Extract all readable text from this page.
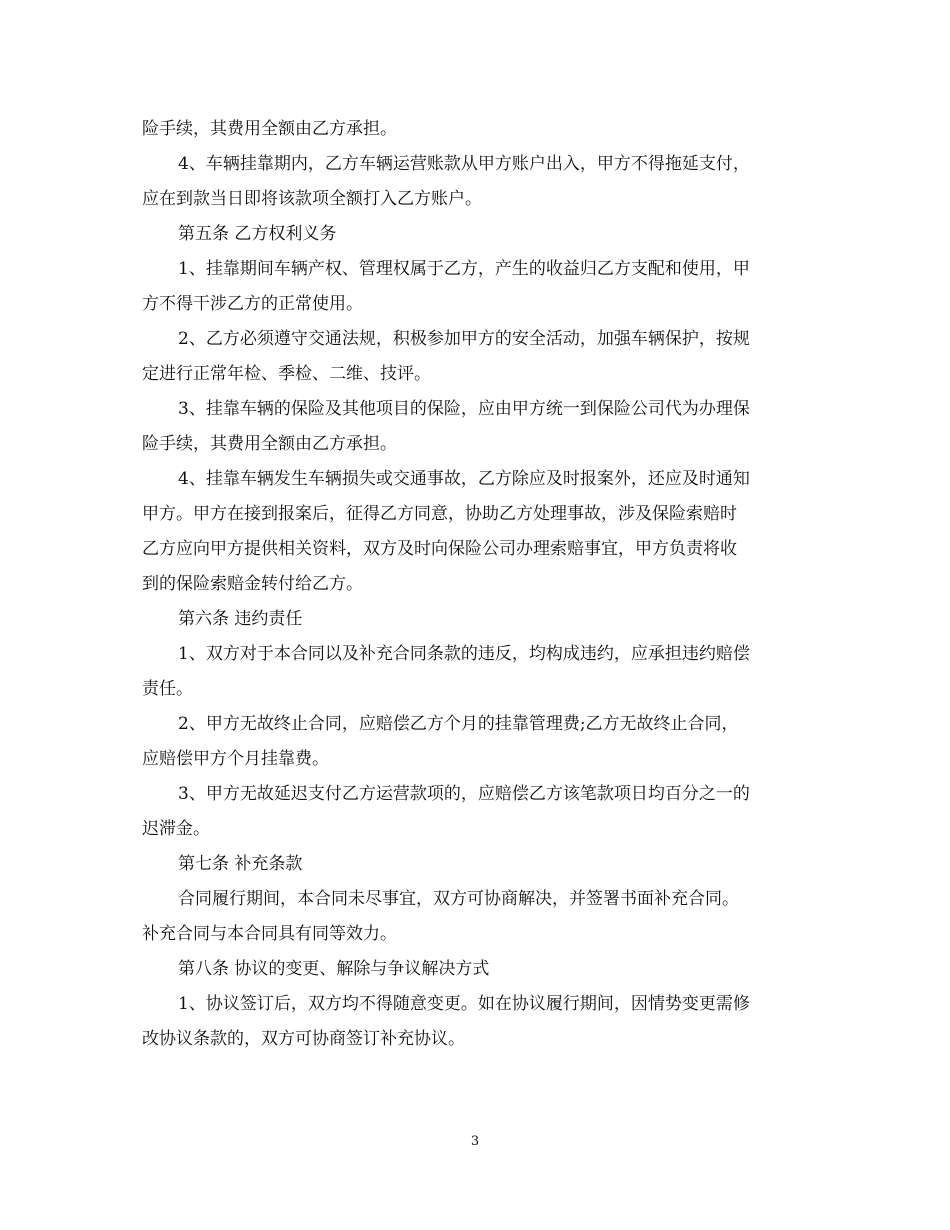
险手续，其费用全额由乙方承担。
4、车辆挂靠期内，乙方车辆运营账款从甲方账户出入，甲方不得拖延支付，
应在到款当日即将该款项全额打入乙方账户。
第五条 乙方权利义务
1、挂靠期间车辆产权、管理权属于乙方，产生的收益归乙方支配和使用，甲
方不得干涉乙方的正常使用。
2、乙方必须遵守交通法规，积极参加甲方的安全活动，加强车辆保护，按规
定进行正常年检、季检、二维、技评。
3、挂靠车辆的保险及其他项目的保险，应由甲方统一到保险公司代为办理保
险手续，其费用全额由乙方承担。
4、挂靠车辆发生车辆损失或交通事故，乙方除应及时报案外，还应及时通知
甲方。甲方在接到报案后，征得乙方同意，协助乙方处理事故，涉及保险索赔时
乙方应向甲方提供相关资料，双方及时向保险公司办理索赔事宜，甲方负责将收
到的保险索赔金转付给乙方。
第六条 违约责任
1、双方对于本合同以及补充合同条款的违反，均构成违约，应承担违约赔偿
责任。
2、甲方无故终止合同，应赔偿乙方个月的挂靠管理费;乙方无故终止合同，
应赔偿甲方个月挂靠费。
3、甲方无故延迟支付乙方运营款项的，应赔偿乙方该笔款项日均百分之一的
迟滞金。
第七条 补充条款
合同履行期间，本合同未尽事宜，双方可协商解决，并签署书面补充合同。
补充合同与本合同具有同等效力。
第八条 协议的变更、解除与争议解决方式
1、协议签订后，双方均不得随意变更。如在协议履行期间，因情势变更需修
改协议条款的，双方可协商签订补充协议。
3
